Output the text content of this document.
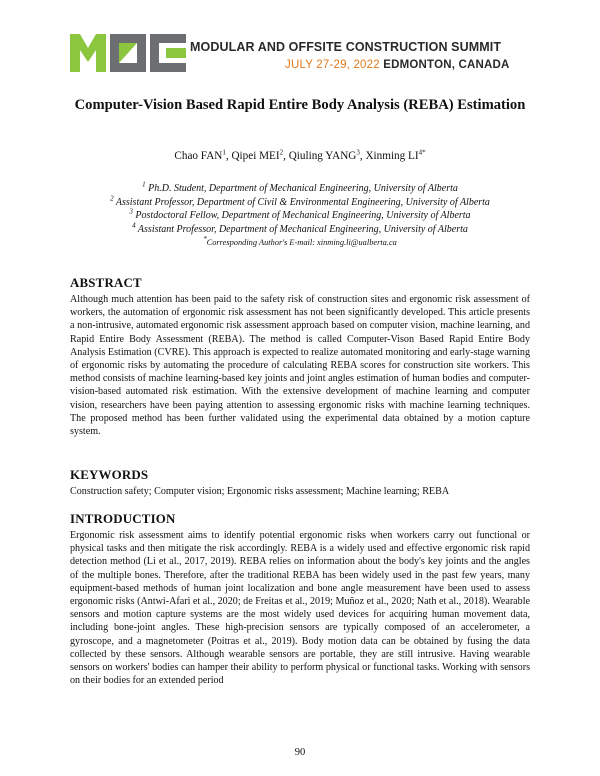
MODULAR AND OFFSITE CONSTRUCTION SUMMIT
JULY 27-29, 2022 EDMONTON, CANADA
Computer-Vision Based Rapid Entire Body Analysis (REBA) Estimation
Chao FAN$^1$, Qipei MEI$^2$, Qiuling YANG$^3$, Xinming $LI^{4*}$
$^1$ Ph.D. Student, Department of Mechanical Engineering, University of Alberta
$^2$ Assistant Professor, Department of Civil & Environmental Engineering, University of Alberta
$^3$ Postdoctoral Fellow, Department of Mechanical Engineering, University of Alberta
$^4$ Assistant Professor, Department of Mechanical Engineering, University of Alberta
*Corresponding Author's E-mail: xinming.li@ualberta.ca
ABSTRACT

Although much attention has been paid to the safety risk of construction sites and ergonomic risk assessment of workers, the automation of ergonomic risk assessment has not been significantly developed. This article presents a non-intrusive, automated ergonomic risk assessment approach based on computer vision, machine learning, and Rapid Entire Body Assessment (REBA). The method is called Computer-Vison Based Rapid Entire Body Analysis Estimation (CVRE). This approach is expected to realize automated monitoring and early-stage warning of ergonomic risks by automating the procedure of calculating REBA scores for construction site workers. This method consists of machine learning-based key joints and joint angles estimation of human bodies and computer-vision-based automated risk estimation. With the extensive development of machine learning and computer vision, researchers have been paying attention to assessing ergonomic risks with machine learning techniques. The proposed method has been further validated using the experimental data obtained by a motion capture system.

KEYWORDS

Construction safety; Computer vision; Ergonomic risks assessment; Machine learning; REBA

INTRODUCTION

Ergonomic risk assessment aims to identify potential ergonomic risks when workers carry out functional or physical tasks and then mitigate the risk accordingly. REBA is a widely used and effective ergonomic risk rapid detection method (Li et al., 2017, 2019). REBA relies on information about the body's key joints and the angles of the multiple bones. Therefore, after the traditional REBA has been widely used in the past few years, many equipment-based methods of human joint localization and bone angle measurement have been used to assess ergonomic risks (Antwi-Afari et al., 2020; de Freitas et al., 2019; Muñoz et al., 2020; Nath et al., 2018). Wearable sensors and motion capture systems are the most widely used devices for acquiring human movement data, including bone-joint angles. These high-precision sensors are typically composed of an accelerometer, a gyroscope, and a magnetometer (Poitras et al., 2019). Body motion data can be obtained by fusing the data collected by these sensors. Although wearable sensors are portable, they are still intrusive. Having wearable sensors on workers' bodies can hamper their ability to perform physical or functional tasks. Working with sensors on their bodies for an extended period

90
